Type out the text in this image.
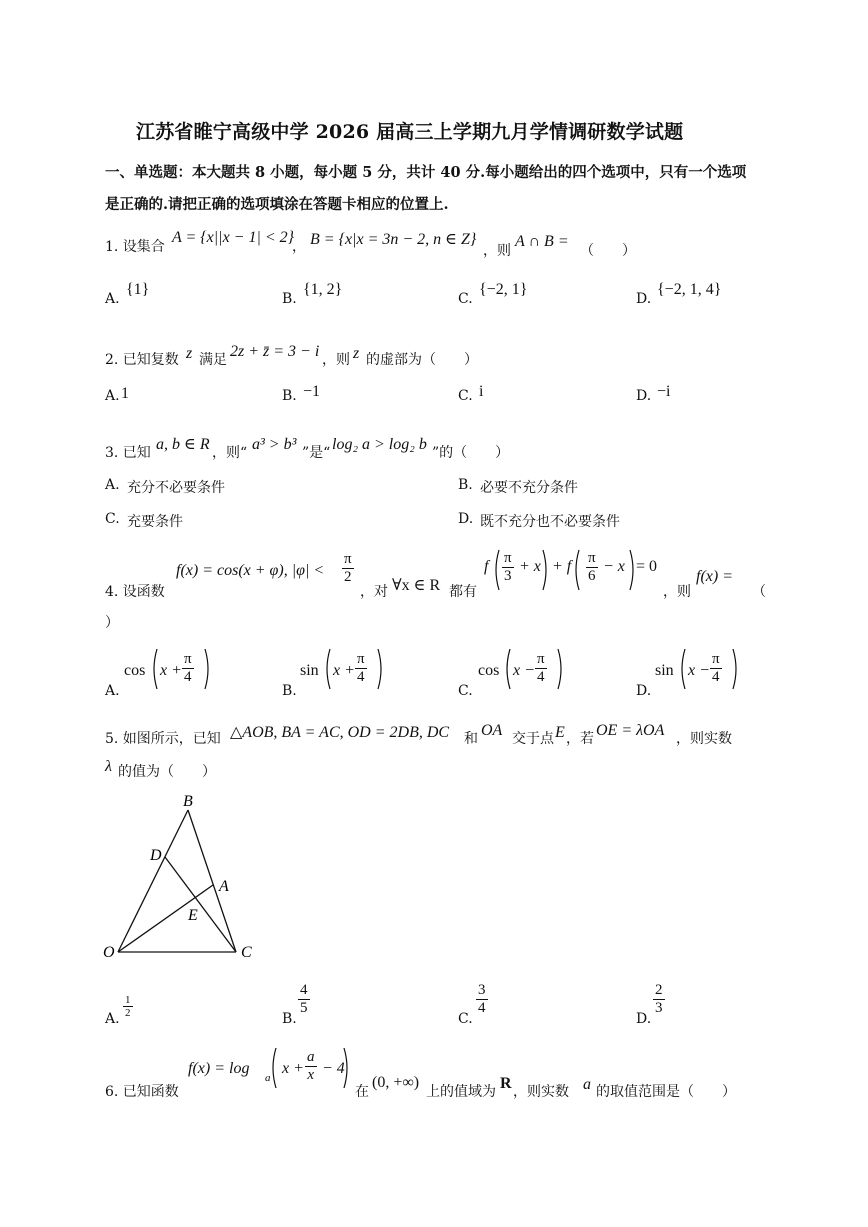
江苏省睢宁高级中学 2026 届高三上学期九月学情调研数学试题
一、单选题：本大题共 8 小题，每小题 5 分，共计 40 分.每小题给出的四个选项中，只有一个选项
是正确的.请把正确的选项填涂在答题卡相应的位置上.
1. 设集合
A = {x||x − 1| < 2}
， B = {x|x = 3n − 2, n ∈ Z}
，则
A ∩ B =
（　　）
A.
{1}
B.
{1, 2}
C.
{−2, 1}
D.
{−2, 1, 4}
2. 已知复数 z 满足 2z + z̄ = 3 − i ，则 z 的虚部为（　　）
A. 1	B. −1	C. i	D. −i
3. 已知 a, b ∈ R ，则“ a³ > b³ ”是“ log₂ a > log₂ b ”的（　　）
A. 充分不必要条件	B. 必要不充分条件
C. 充要条件	D. 既不充分也不必要条件
4. 设函数
f(x) = cos(x + φ), $|\varphi| < \frac{\pi}{2}$
，对 ∀x ∈ R 都有
f $\frac{\pi}{3} + x + f \frac{\pi}{6} - x = 0$
，则
f(x) =
（
）
A.
$\cos x + \frac{\pi}{4}$
B.
$\sin x + \frac{\pi}{4}$
C.
$\cos x - \frac{\pi}{4}$
D.
$\sin x - \frac{\pi}{4}$
5. 如图所示，已知 △AOB, BA = AC, OD = 2DB, DC 和 OA 交于点 E ，若 OE = λOA ，则实数
λ 的值为（　　）
B
D
A
E
O	C
A. $\frac{1}{2}$	B.
$\frac{4}{5}$
C.
$\frac{3}{4}$
D.
$\frac{2}{3}$
6. 已知函数
f(x) = log
a
$x + \frac{a}{x} - 4$
在
(0, +∞)
上的值域为 R ，则实数 a 的取值范围是（　　）
